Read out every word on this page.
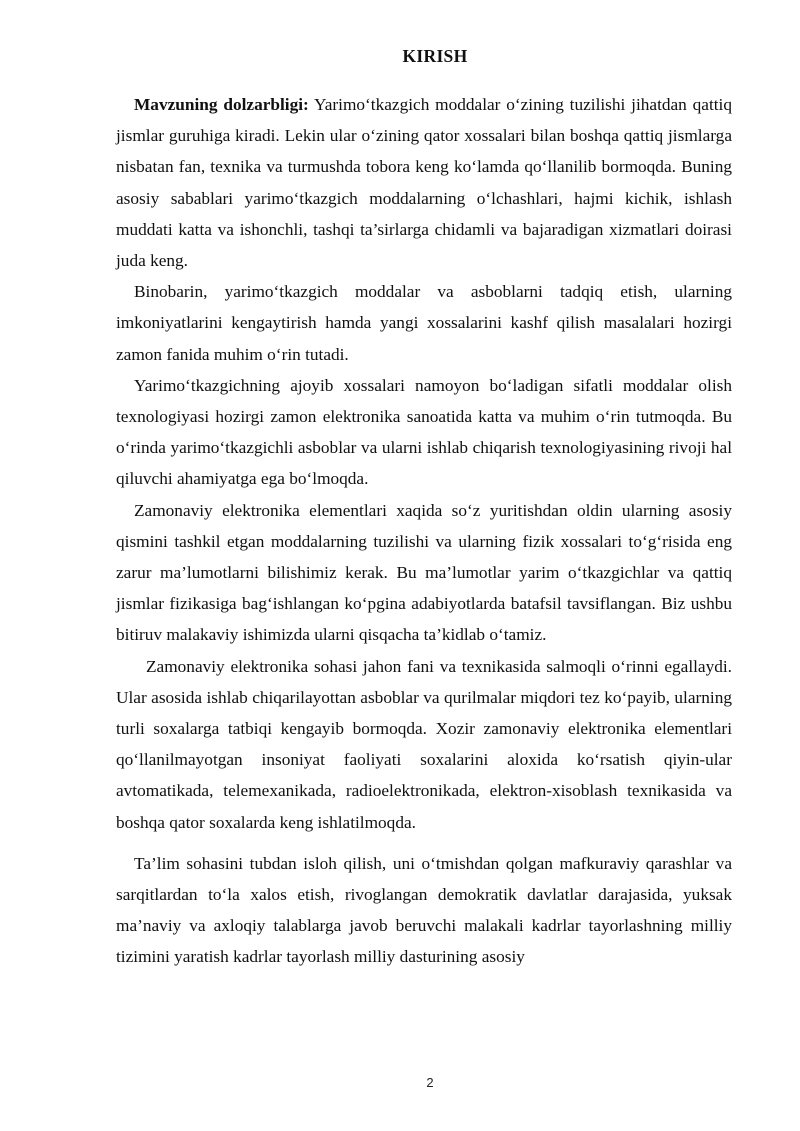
KIRISH

Mavzuning dolzarbligi: Yarimo‘tkazgich moddalar o‘zining tuzilishi jihatdan qattiq jismlar guruhiga kiradi. Lekin ular o‘zining qator xossalari bilan boshqa qattiq jismlarga nisbatan fan, texnika va turmushda tobora keng ko‘lamda qo‘llanilib bormoqda. Buning asosiy sabablari yarimo‘tkazgich moddalarning o‘lchashlari, hajmi kichik, ishlash muddati katta va ishonchli, tashqi ta’sirlarga chidamli va bajaradigan xizmatlari doirasi juda keng.

Binobarin, yarimo‘tkazgich moddalar va asboblarni tadqiq etish, ularning imkoniyatlarini kengaytirish hamda yangi xossalarini kashf qilish masalalari hozirgi zamon fanida muhim o‘rin tutadi.

Yarimo‘tkazgichning ajoyib xossalari namoyon bo‘ladigan sifatli moddalar olish texnologiyasi hozirgi zamon elektronika sanoatida katta va muhim o‘rin tutmoqda. Bu o‘rinda yarimo‘tkazgichli asboblar va ularni ishlab chiqarish texnologiyasining rivoji hal qiluvchi ahamiyatga ega bo‘lmoqda.

Zamonaviy elektronika elementlari xaqida so‘z yuritishdan oldin ularning asosiy qismini tashkil etgan moddalarning tuzilishi va ularning fizik xossalari to‘g‘risida eng zarur ma’lumotlarni bilishimiz kerak. Bu ma’lumotlar yarim o‘tkazgichlar va qattiq jismlar fizikasiga bag‘ishlangan ko‘pgina adabiyotlarda batafsil tavsiflangan. Biz ushbu bitiruv malakaviy ishimizda ularni qisqacha ta’kidlab o‘tamiz.

Zamonaviy elektronika sohasi jahon fani va texnikasida salmoqli o‘rinni egallaydi. Ular asosida ishlab chiqarilayottan asboblar va qurilmalar miqdori tez ko‘payib, ularning turli soxalarga tatbiqi kengayib bormoqda. Xozir zamonaviy elektronika elementlari qo‘llanilmayotgan insoniyat faoliyati soxalarini aloxida ko‘rsatish qiyin-ular avtomatikada, telemexanikada, radioelektronikada, elektron-xisoblash texnikasida va boshqa qator soxalarda keng ishlatilmoqda.

Ta’lim sohasini tubdan isloh qilish, uni o‘tmishdan qolgan mafkuraviy qarashlar va sarqitlardan to‘la xalos etish, rivoglangan demokratik davlatlar darajasida, yuksak ma’naviy va axloqiy talablarga javob beruvchi malakali kadrlar tayorlashning milliy tizimini yaratish kadrlar tayorlash milliy dasturining asosiy

2
